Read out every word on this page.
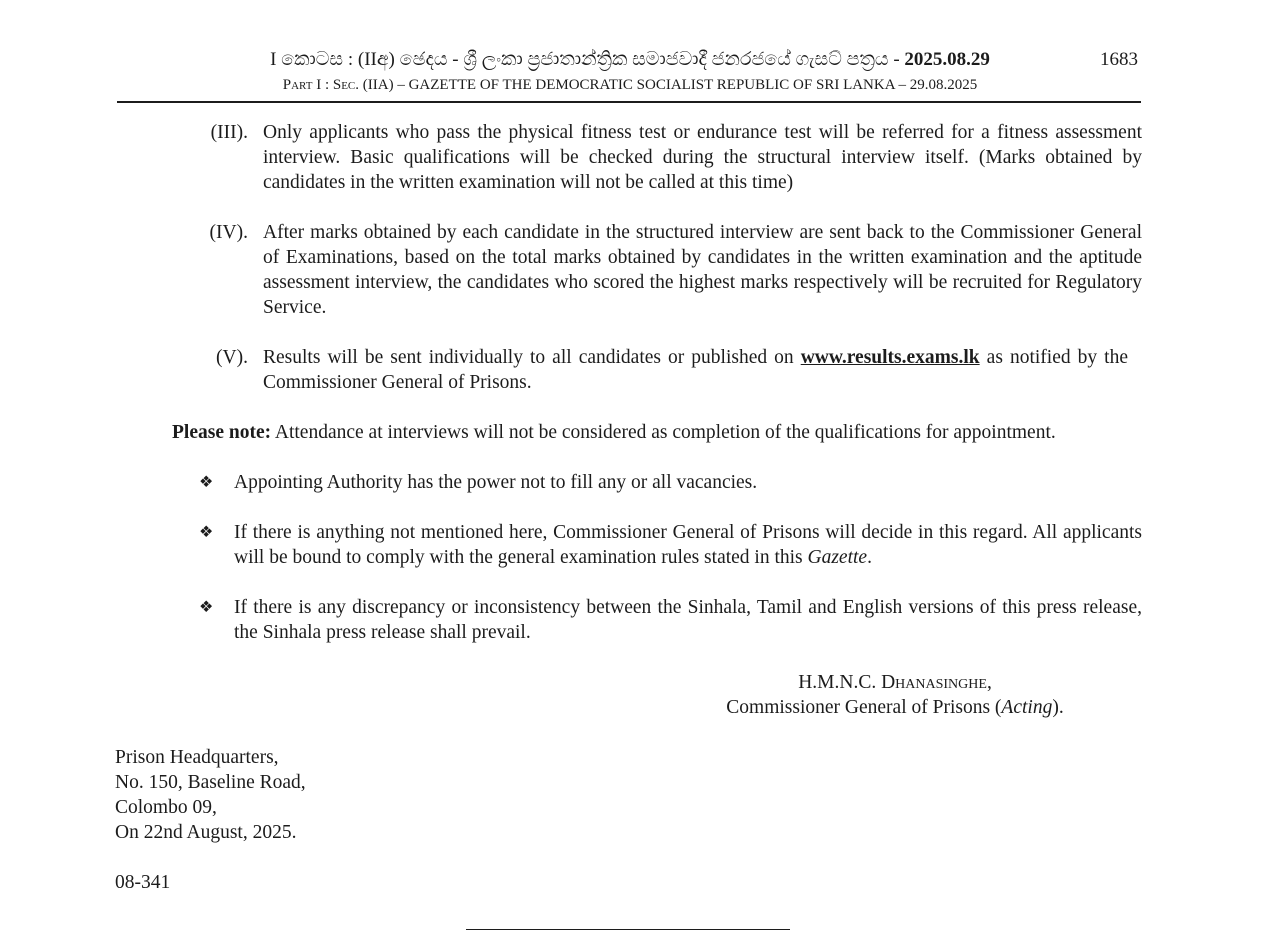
I කොටස : (IIඅ) ඡෙදය - ශ්‍රී ලංකා ප්‍රජාතාන්ත්‍රික සමාජවාදී ජනරජයේ ගැසට් පත්‍රය - 2025.08.29	1683
Part I : Sec. (IIA) – GAZETTE OF THE DEMOCRATIC SOCIALIST REPUBLIC OF SRI LANKA – 29.08.2025
(III). Only applicants who pass the physical fitness test or endurance test will be referred for a fitness assessment interview. Basic qualifications will be checked during the structural interview itself. (Marks obtained by candidates in the written examination will not be called at this time)
(IV). After marks obtained by each candidate in the structured interview are sent back to the Commissioner General of Examinations, based on the total marks obtained by candidates in the written examination and the aptitude assessment interview, the candidates who scored the highest marks respectively will be recruited for Regulatory Service.
(V). Results will be sent individually to all candidates or published on www.results.exams.lk as notified by the Commissioner General of Prisons.
Please note: Attendance at interviews will not be considered as completion of the qualifications for appointment.
❖ Appointing Authority has the power not to fill any or all vacancies.
❖ If there is anything not mentioned here, Commissioner General of Prisons will decide in this regard. All applicants will be bound to comply with the general examination rules stated in this Gazette.
❖ If there is any discrepancy or inconsistency between the Sinhala, Tamil and English versions of this press release, the Sinhala press release shall prevail.
H.M.N.C. Dhanasinghe,
Commissioner General of Prisons (Acting).
Prison Headquarters,
No. 150, Baseline Road,
Colombo 09,
On 22nd August, 2025.
08-341
